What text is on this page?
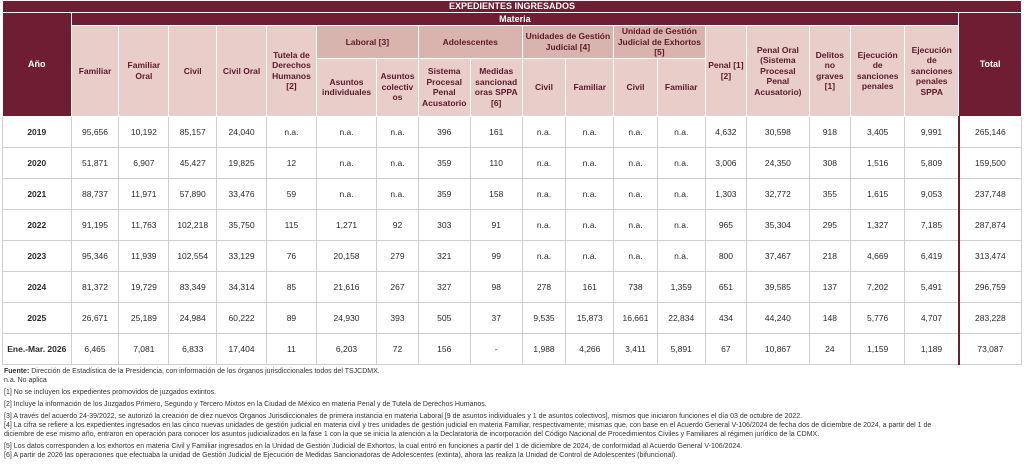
EXPEDIENTES INGRESADOS																			
Año	Materia																		Total
	Familiar	Familiar Oral	Civil	Civil Oral	Tutela de Derechos Humanos [2]	Laboral [3]		Adolescentes		Unidades de Gestión Judicial [4]		Unidad de Gestión Judicial de Exhortos [5]		Penal [1][2]	Penal Oral (Sistema Procesal Penal Acusatorio)	Delitos no graves [1]	Ejecución de sanciones penales	Ejecución de sanciones penales SPPA	
						Asuntos individuales	Asuntos colectiv os	Sistema Procesal Penal Acusatorio	Medidas sancionad oras SPPA [6]	Civil	Familiar	Civil	Familiar						
2019	95,656	10,192	85,157	24,040	n.a.	n.a.	n.a.	396	161	n.a.	n.a.	n.a.	n.a.	4,632	30,598	918	3,405	9,991	265,146
2020	51,871	6,907	45,427	19,825	12	n.a.	n.a.	359	110	n.a.	n.a.	n.a.	n.a.	3,006	24,350	308	1,516	5,809	159,500
2021	88,737	11,971	57,890	33,476	59	n.a.	n.a.	359	158	n.a.	n.a.	n.a.	n.a.	1,303	32,772	355	1,615	9,053	237,748
2022	91,195	11,763	102,218	35,750	115	1,271	92	303	91	n.a.	n.a.	n.a.	n.a.	965	35,304	295	1,327	7,185	287,874
2023	95,346	11,939	102,554	33,129	76	20,158	279	321	99	n.a.	n.a.	n.a.	n.a.	800	37,467	218	4,669	6,419	313,474
2024	81,372	19,729	83,349	34,314	85	21,616	267	327	98	278	161	738	1,359	651	39,585	137	7,202	5,491	296,759
2025	26,671	25,189	24,984	60,222	89	24,930	393	505	37	9,535	15,873	16,661	22,834	434	44,240	148	5,776	4,707	283,228
Ene.-Mar. 2026	6,465	7,081	6,833	17,404	11	6,203	72	156	-	1,988	4,266	3,411	5,891	67	10,867	24	1,159	1,189	73,087
Fuente: Dirección de Estadística de la Presidencia, con información de los órganos jurisdiccionales todos del TSJCDMX.
n.a. No aplica
[1] No se incluyen los expedientes promovidos de juzgados extintos.
[2] Incluye la información de los Juzgados Primero, Segundo y Tercero Mixtos en la Ciudad de México en materia Penal y de Tutela de Derechos Humanos.
[3] A través del acuerdo 24-39/2022, se autorizó la creación de diez nuevos Órganos Jurisdiccionales de primera instancia en materia Laboral [9 de asuntos individuales y 1 de asuntos colectivos], mismos que iniciaron funciones el día 03 de octubre de 2022.
[4] La cifra se refiere a los expedientes ingresados en las cinco nuevas unidades de gestión judicial en materia civil y tres unidades de gestión judicial en materia Familiar, respectivamente; mismas que, con base en el Acuerdo General V-106/2024 de fecha dos de diciembre de 2024, a partir del 1 de
diciembre de ese mismo año, entraron en operación para conocer los asuntos judicializados en la fase 1 con la que se inicia la atención a la Declaratoria de incorporación del Código Nacional de Procedimientos Civiles y Familiares al régimen jurídico de la CDMX.
[5] Los datos corresponden a los exhortos en materia Civil y Familiar ingresados en la Unidad de Gestión Judicial de Exhortos, la cual entró en funciones a partir del 1 de diciembre de 2024, de conformidad al Acuerdo General V-106/2024.
[6] A partir de 2026 las operaciones que efectuaba la unidad de Gestión Judicial de Ejecución de Medidas Sancionadoras de Adolescentes (extinta), ahora las realiza la Unidad de Control de Adolescentes (bifuncional).
